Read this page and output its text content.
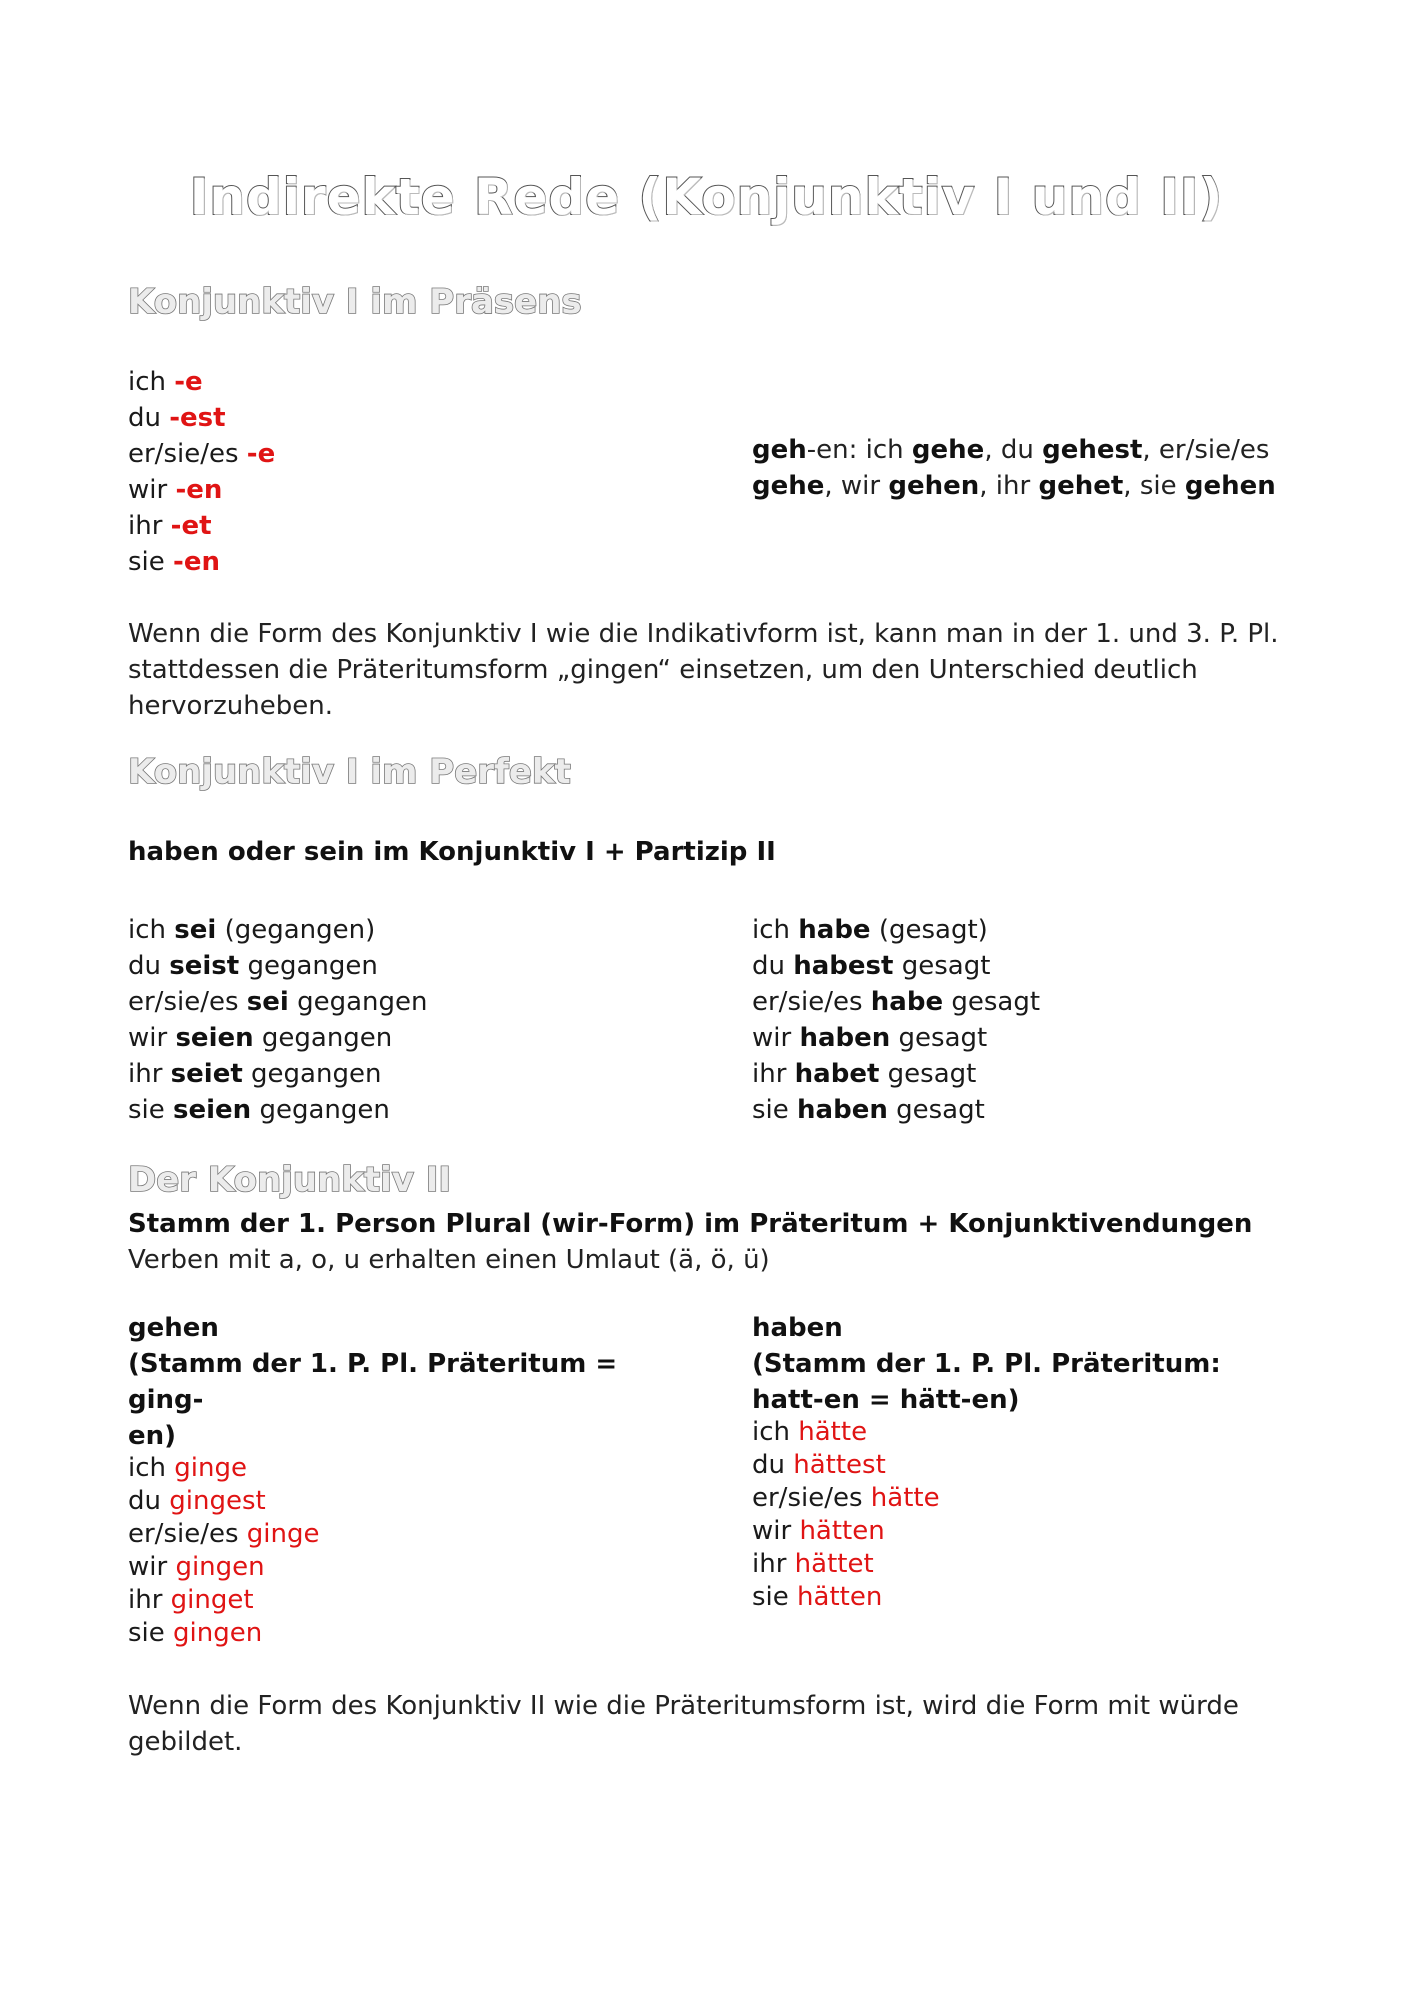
Indirekte Rede (Konjunktiv I und II)
Konjunktiv I im Präsens
ich -e
du -est
er/sie/es -e
wir -en
ihr -et
sie -en
geh-en: ich gehe, du gehest, er/sie/es
gehe, wir gehen, ihr gehet, sie gehen
Wenn die Form des Konjunktiv I wie die Indikativform ist, kann man in der 1. und 3. P. Pl. stattdessen die Präteritumsform „gingen“ einsetzen, um den Unterschied deutlich hervorzuheben.
Konjunktiv I im Perfekt
haben oder sein im Konjunktiv I + Partizip II
ich sei (gegangen)
du seist gegangen
er/sie/es sei gegangen
wir seien gegangen
ihr seiet gegangen
sie seien gegangen
ich habe (gesagt)
du habest gesagt
er/sie/es habe gesagt
wir haben gesagt
ihr habet gesagt
sie haben gesagt
Der Konjunktiv II
Stamm der 1. Person Plural (wir-Form) im Präteritum + Konjunktivendungen
Verben mit a, o, u erhalten einen Umlaut (ä, ö, ü)
gehen
(Stamm der 1. P. Pl. Präteritum = ging-
en)
ich ginge
du gingest
er/sie/es ginge
wir gingen
ihr ginget
sie gingen
haben
(Stamm der 1. P. Pl. Präteritum:
hatt-en = hätt-en)
ich hätte
du hättest
er/sie/es hätte
wir hätten
ihr hättet
sie hätten
Wenn die Form des Konjunktiv II wie die Präteritumsform ist, wird die Form mit würde gebildet.
